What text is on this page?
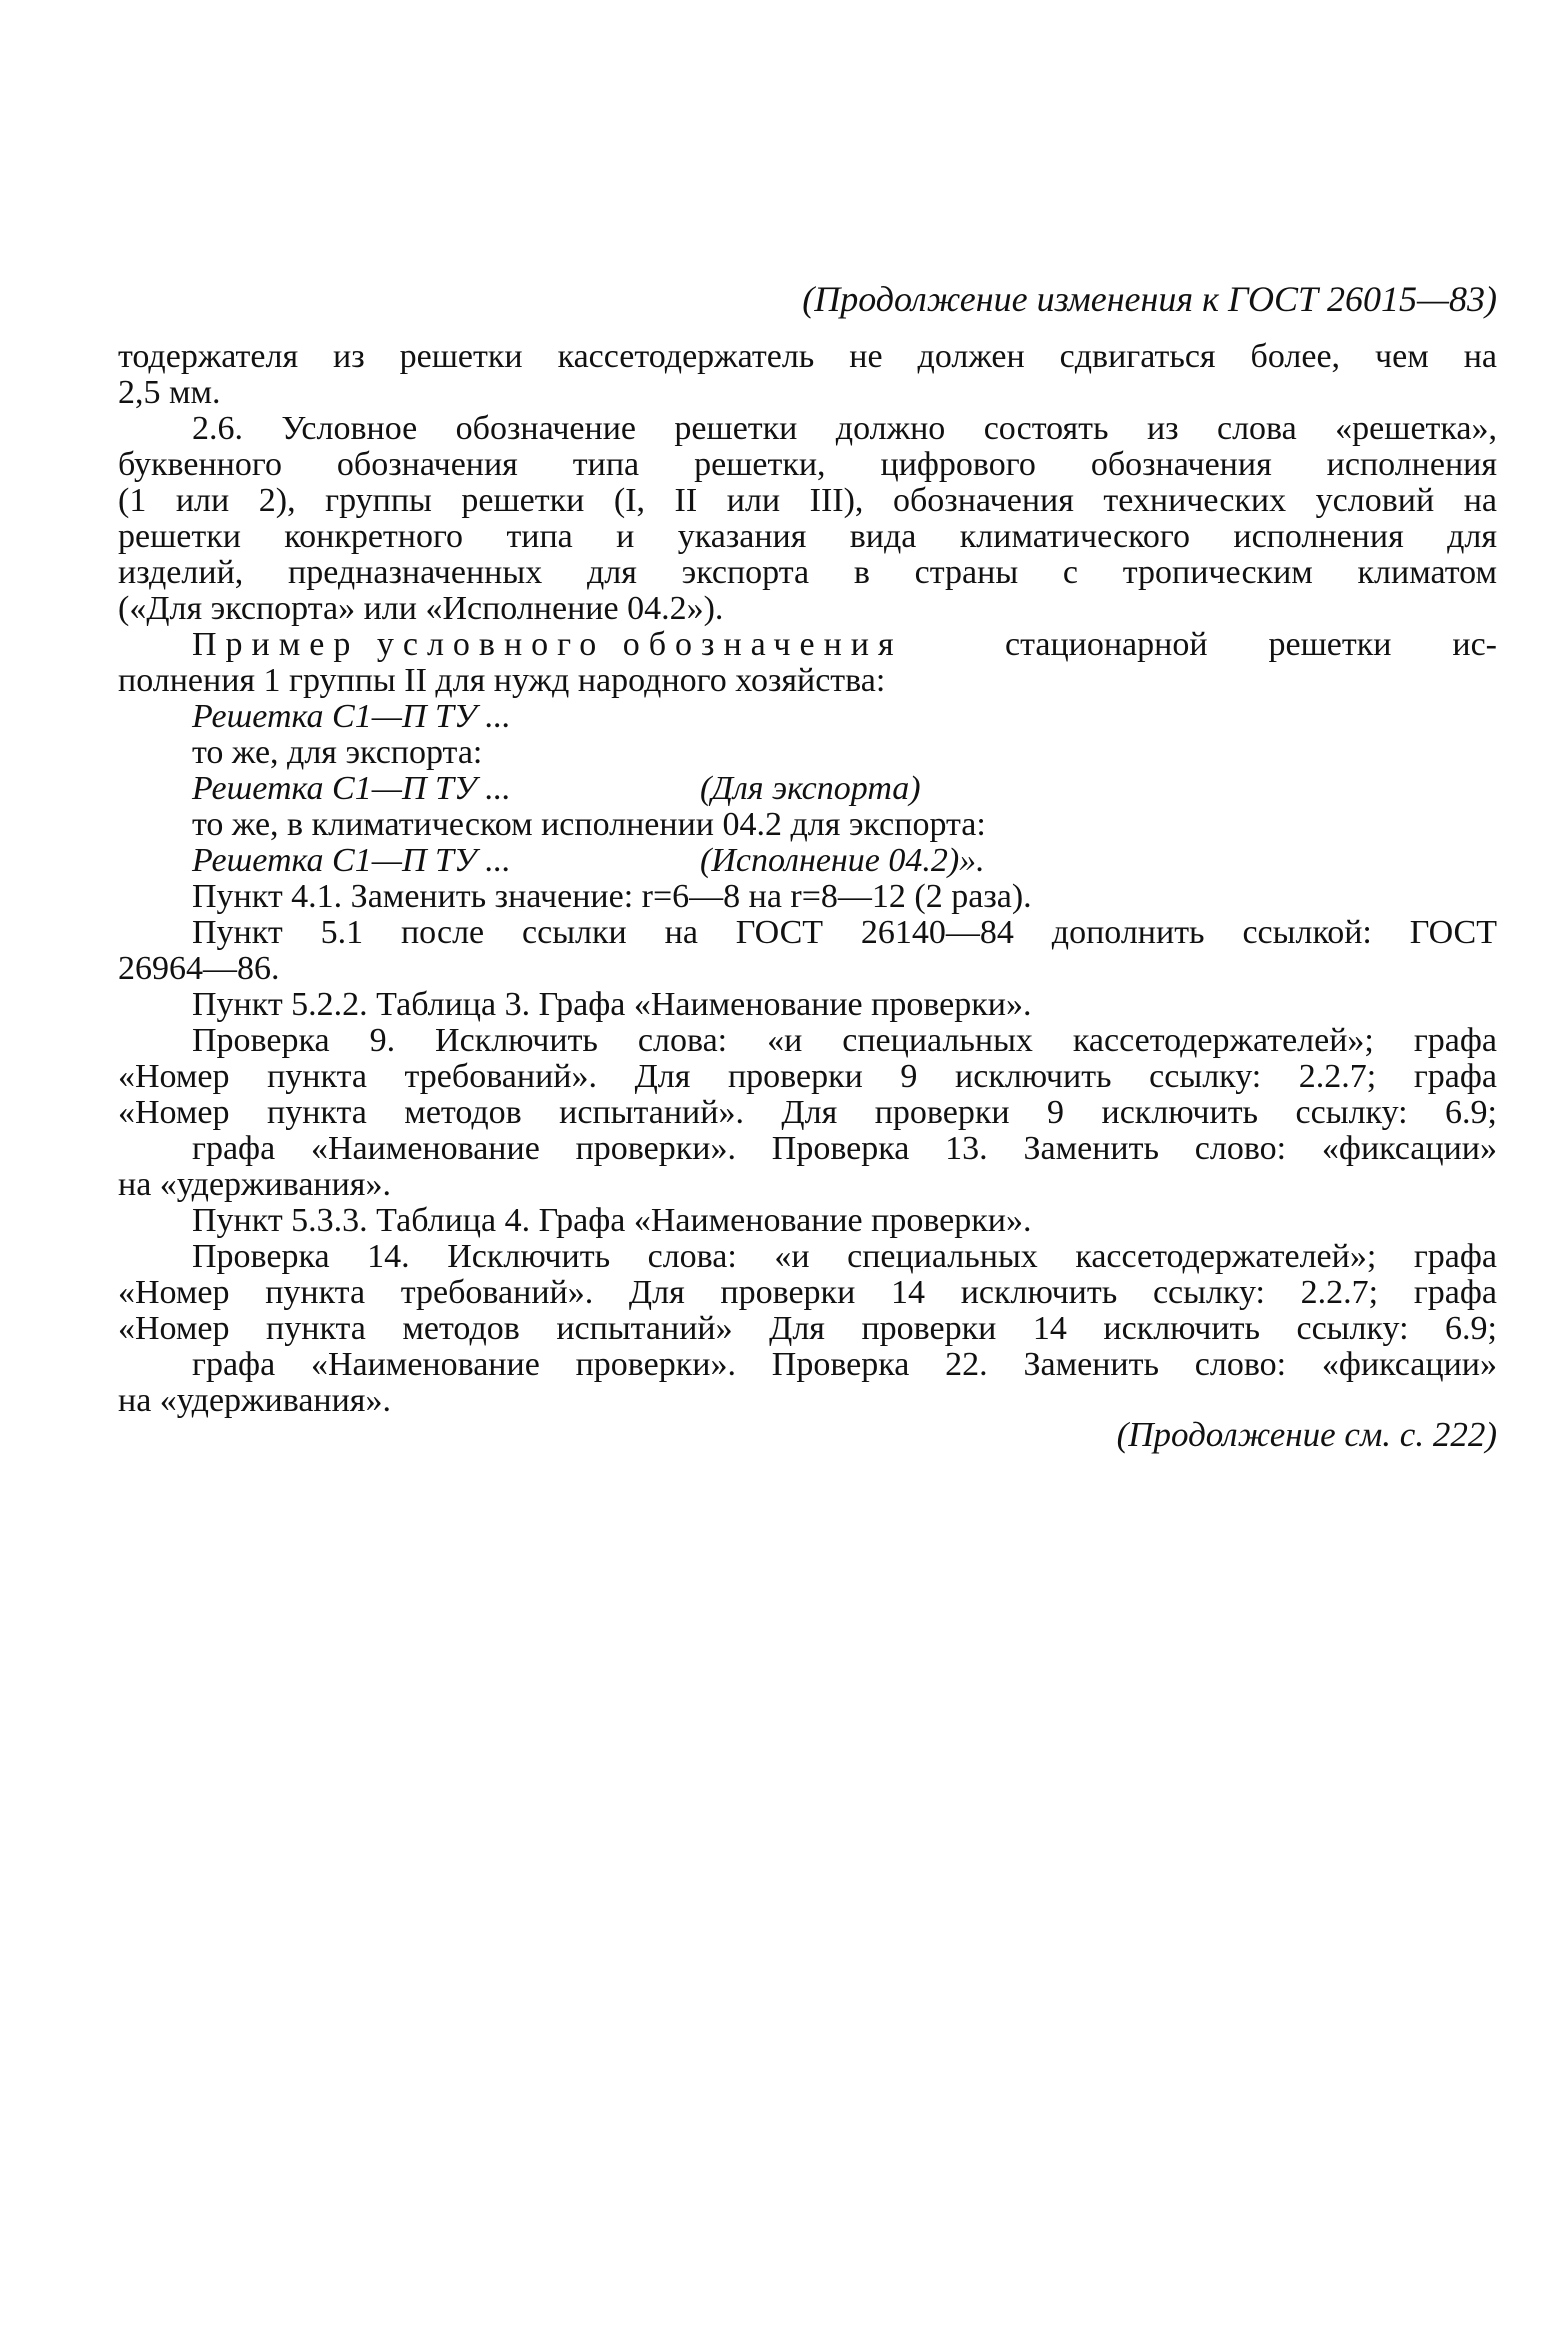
(Продолжение изменения к ГОСТ 26015—83)

тодержателя из решетки кассетодержатель не должен сдвигаться более, чем на

2,5 мм.

2.6. Условное обозначение решетки должно состоять из слова «решетка»,

буквенного обозначения типа решетки, цифрового обозначения исполнения

(1 или 2), группы решетки (I, II или III), обозначения технических условий на

решетки конкретного типа и указания вида климатического исполнения для

изделий, предназначенных для экспорта в страны с тропическим климатом

(«Для экспорта» или «Исполнение 04.2»).

Пример условного обозначения	стационарной решетки ис-

полнения 1 группы II для нужд народного хозяйства:

Решетка С1—П ТУ ...

то же, для экспорта:

Решетка С1—П ТУ ...	(Для экспорта)

то же, в климатическом исполнении 04.2 для экспорта:

Решетка С1—П ТУ ...	(Исполнение 04.2)».

Пункт 4.1. Заменить значение: r=6—8 на r=8—12 (2 раза).

Пункт 5.1 после ссылки на ГОСТ 26140—84 дополнить ссылкой: ГОСТ

26964—86.

Пункт 5.2.2. Таблица 3. Графа «Наименование проверки».

Проверка 9. Исключить слова: «и специальных кассетодержателей»; графа

«Номер пункта требований». Для проверки 9 исключить ссылку: 2.2.7; графа

«Номер пункта методов испытаний». Для проверки 9 исключить ссылку: 6.9;

графа «Наименование проверки». Проверка 13. Заменить слово: «фиксации»

на «удерживания».

Пункт 5.3.3. Таблица 4. Графа «Наименование проверки».

Проверка 14. Исключить слова: «и специальных кассетодержателей»; графа

«Номер пункта требований». Для проверки 14 исключить ссылку: 2.2.7; графа

«Номер пункта методов испытаний» Для проверки 14 исключить ссылку: 6.9;

графа «Наименование проверки». Проверка 22. Заменить слово: «фиксации»

на «удерживания».

(Продолжение см. с. 222)
